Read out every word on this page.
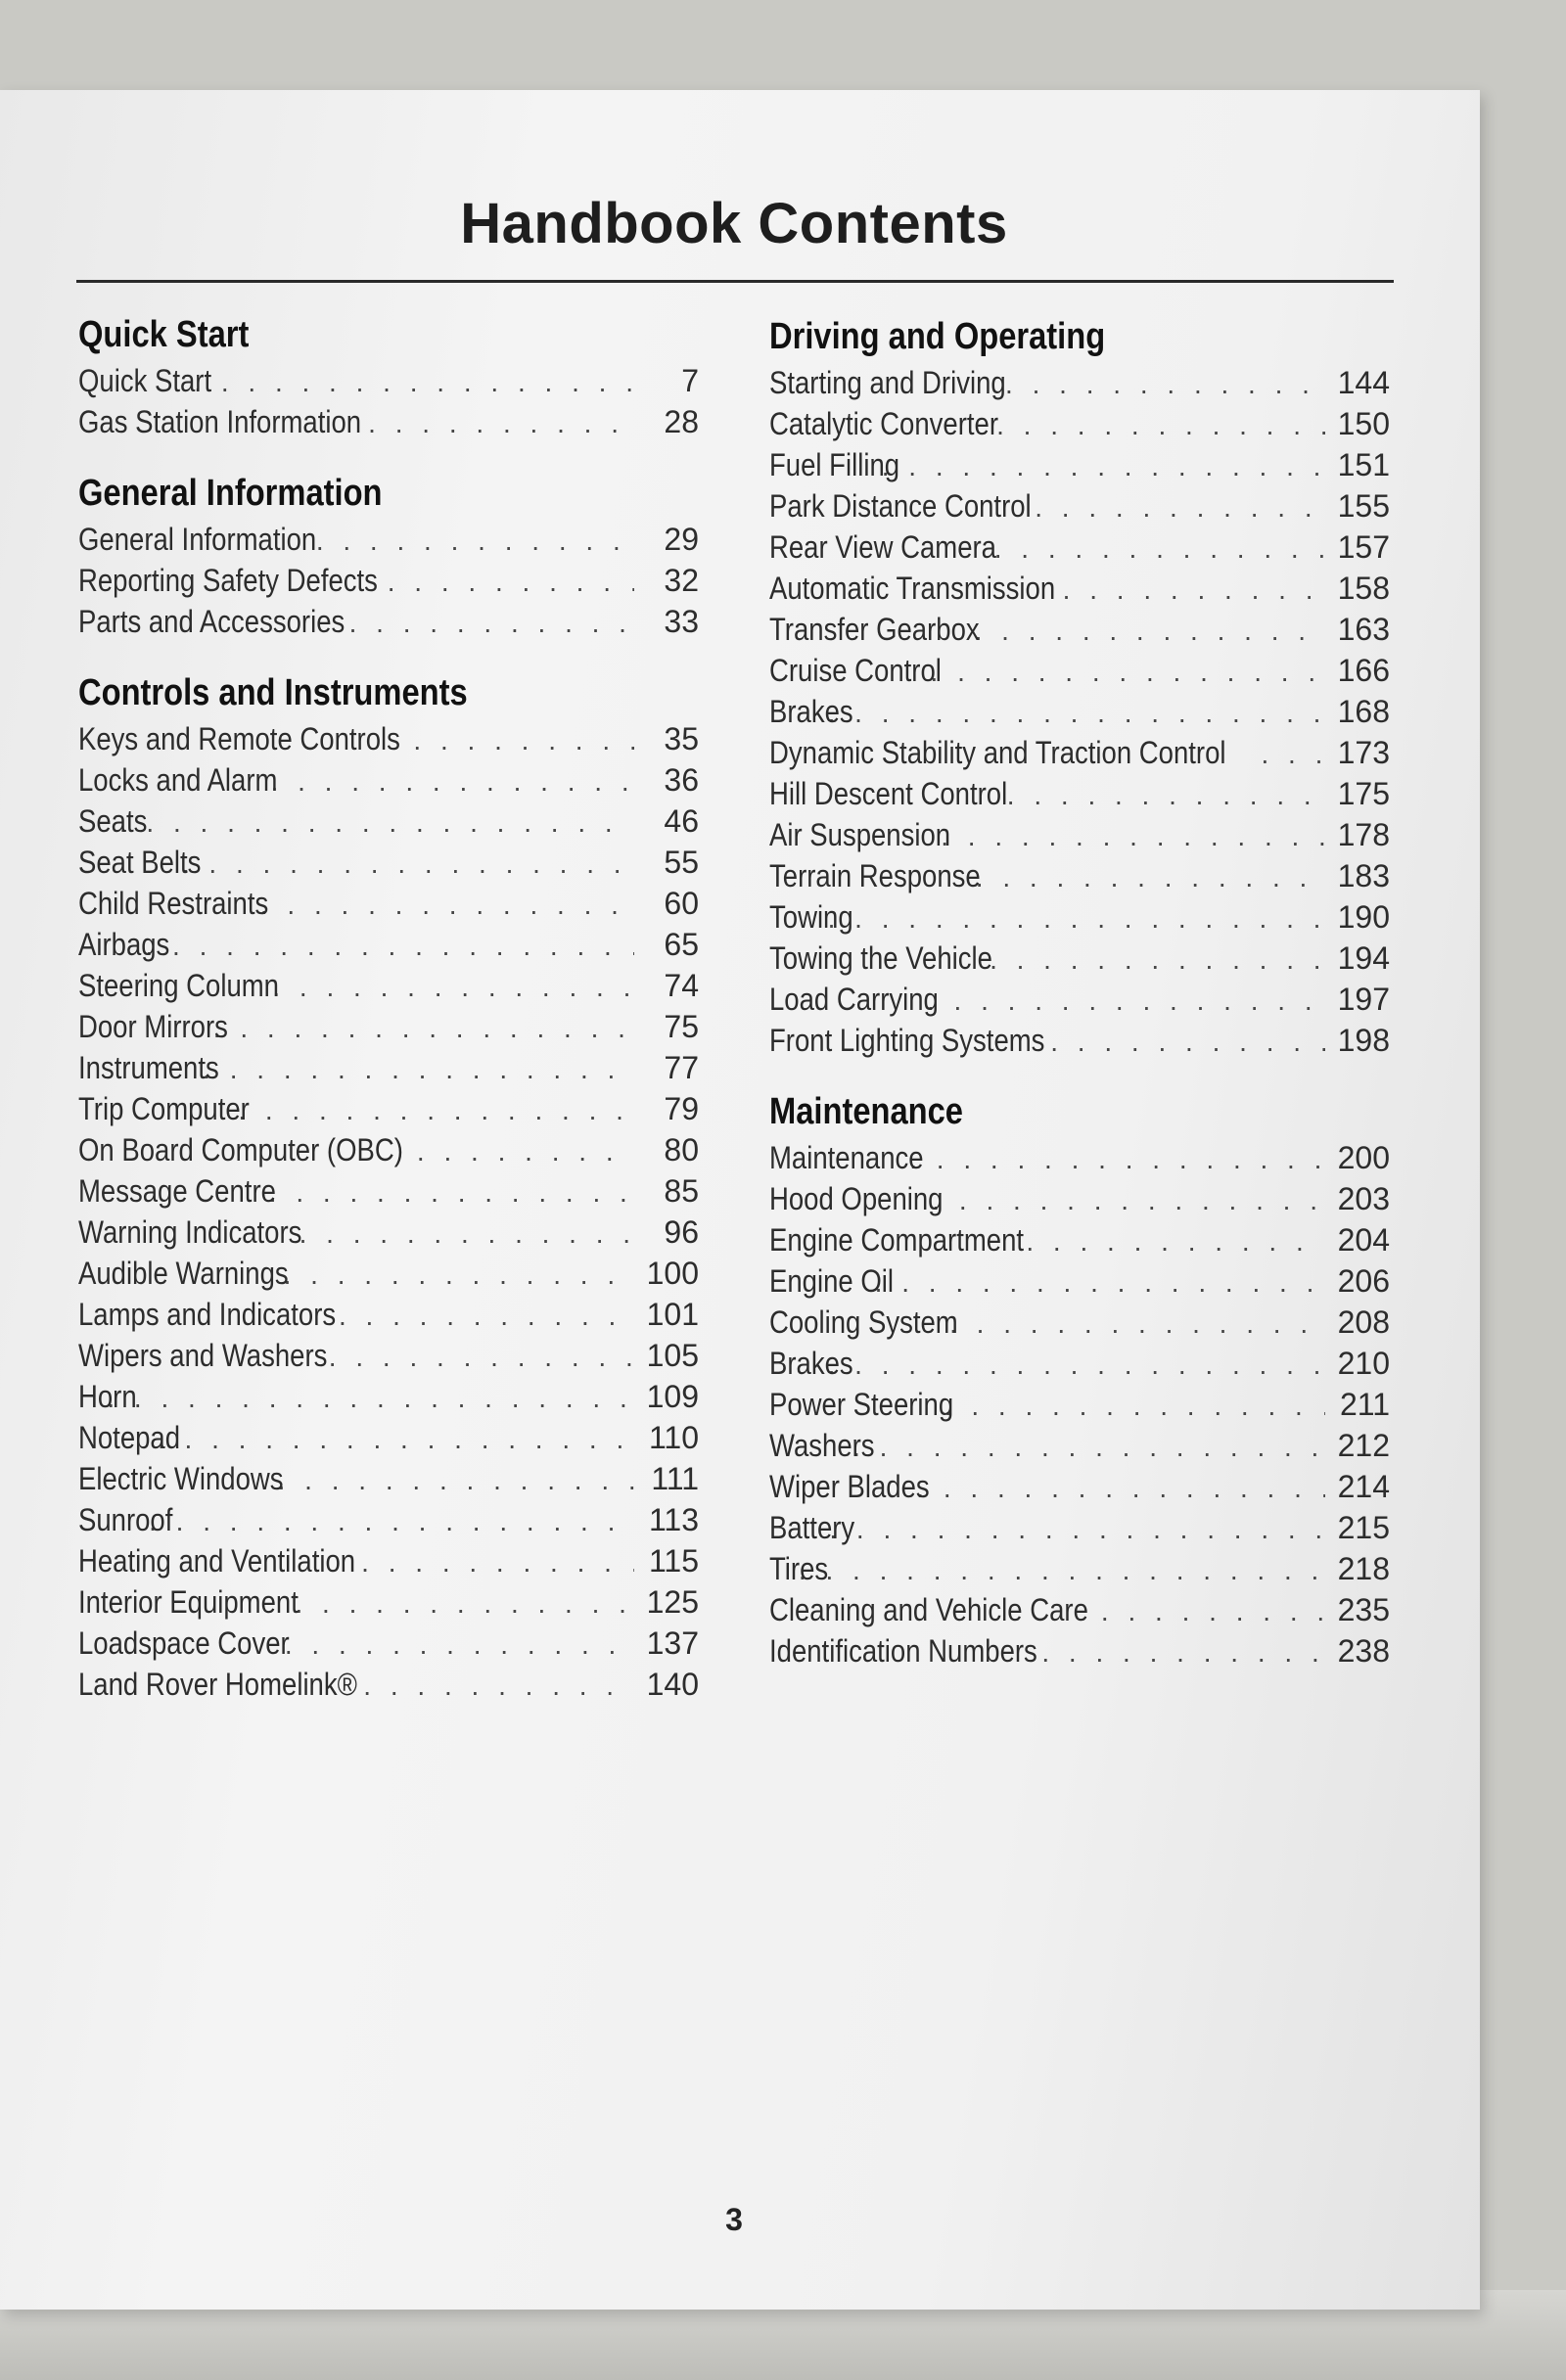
Handbook Contents
Quick Start
Quick Start . . .	7
Gas Station Information . . .	28
General Information
General Information . . .	29
Reporting Safety Defects . . .	32
Parts and Accessories . . .	33
Controls and Instruments
Keys and Remote Controls . . .	35
Locks and Alarm . . .	36
Seats . . .	46
Seat Belts . . .	55
Child Restraints . . .	60
Airbags . . .	65
Steering Column . . .	74
Door Mirrors . . .	75
Instruments . . .	77
Trip Computer . . .	79
On Board Computer (OBC) . . .	80
Message Centre . . .	85
Warning Indicators . . .	96
Audible Warnings . . .	100
Lamps and Indicators . . .	101
Wipers and Washers . . .	105
Horn . . .	109
Notepad . . .	110
Electric Windows . . .	111
Sunroof . . .	113
Heating and Ventilation . . .	115
Interior Equipment . . .	125
Loadspace Cover . . .	137
Land Rover Homelink® . . .	140
Driving and Operating
Starting and Driving . . .	144
Catalytic Converter . . .	150
Fuel Filling . . .	151
Park Distance Control . . .	155
Rear View Camera . . .	157
Automatic Transmission . . .	158
Transfer Gearbox . . .	163
Cruise Control . . .	166
Brakes . . .	168
Dynamic Stability and Traction Control . . .	173
Hill Descent Control . . .	175
Air Suspension . . .	178
Terrain Response . . .	183
Towing . . .	190
Towing the Vehicle . . .	194
Load Carrying . . .	197
Front Lighting Systems . . .	198
Maintenance
Maintenance . . .	200
Hood Opening . . .	203
Engine Compartment . . .	204
Engine Oil . . .	206
Cooling System . . .	208
Brakes . . .	210
Power Steering . . .	211
Washers . . .	212
Wiper Blades . . .	214
Battery . . .	215
Tires . . .	218
Cleaning and Vehicle Care . . .	235
Identification Numbers . . .	238
3
